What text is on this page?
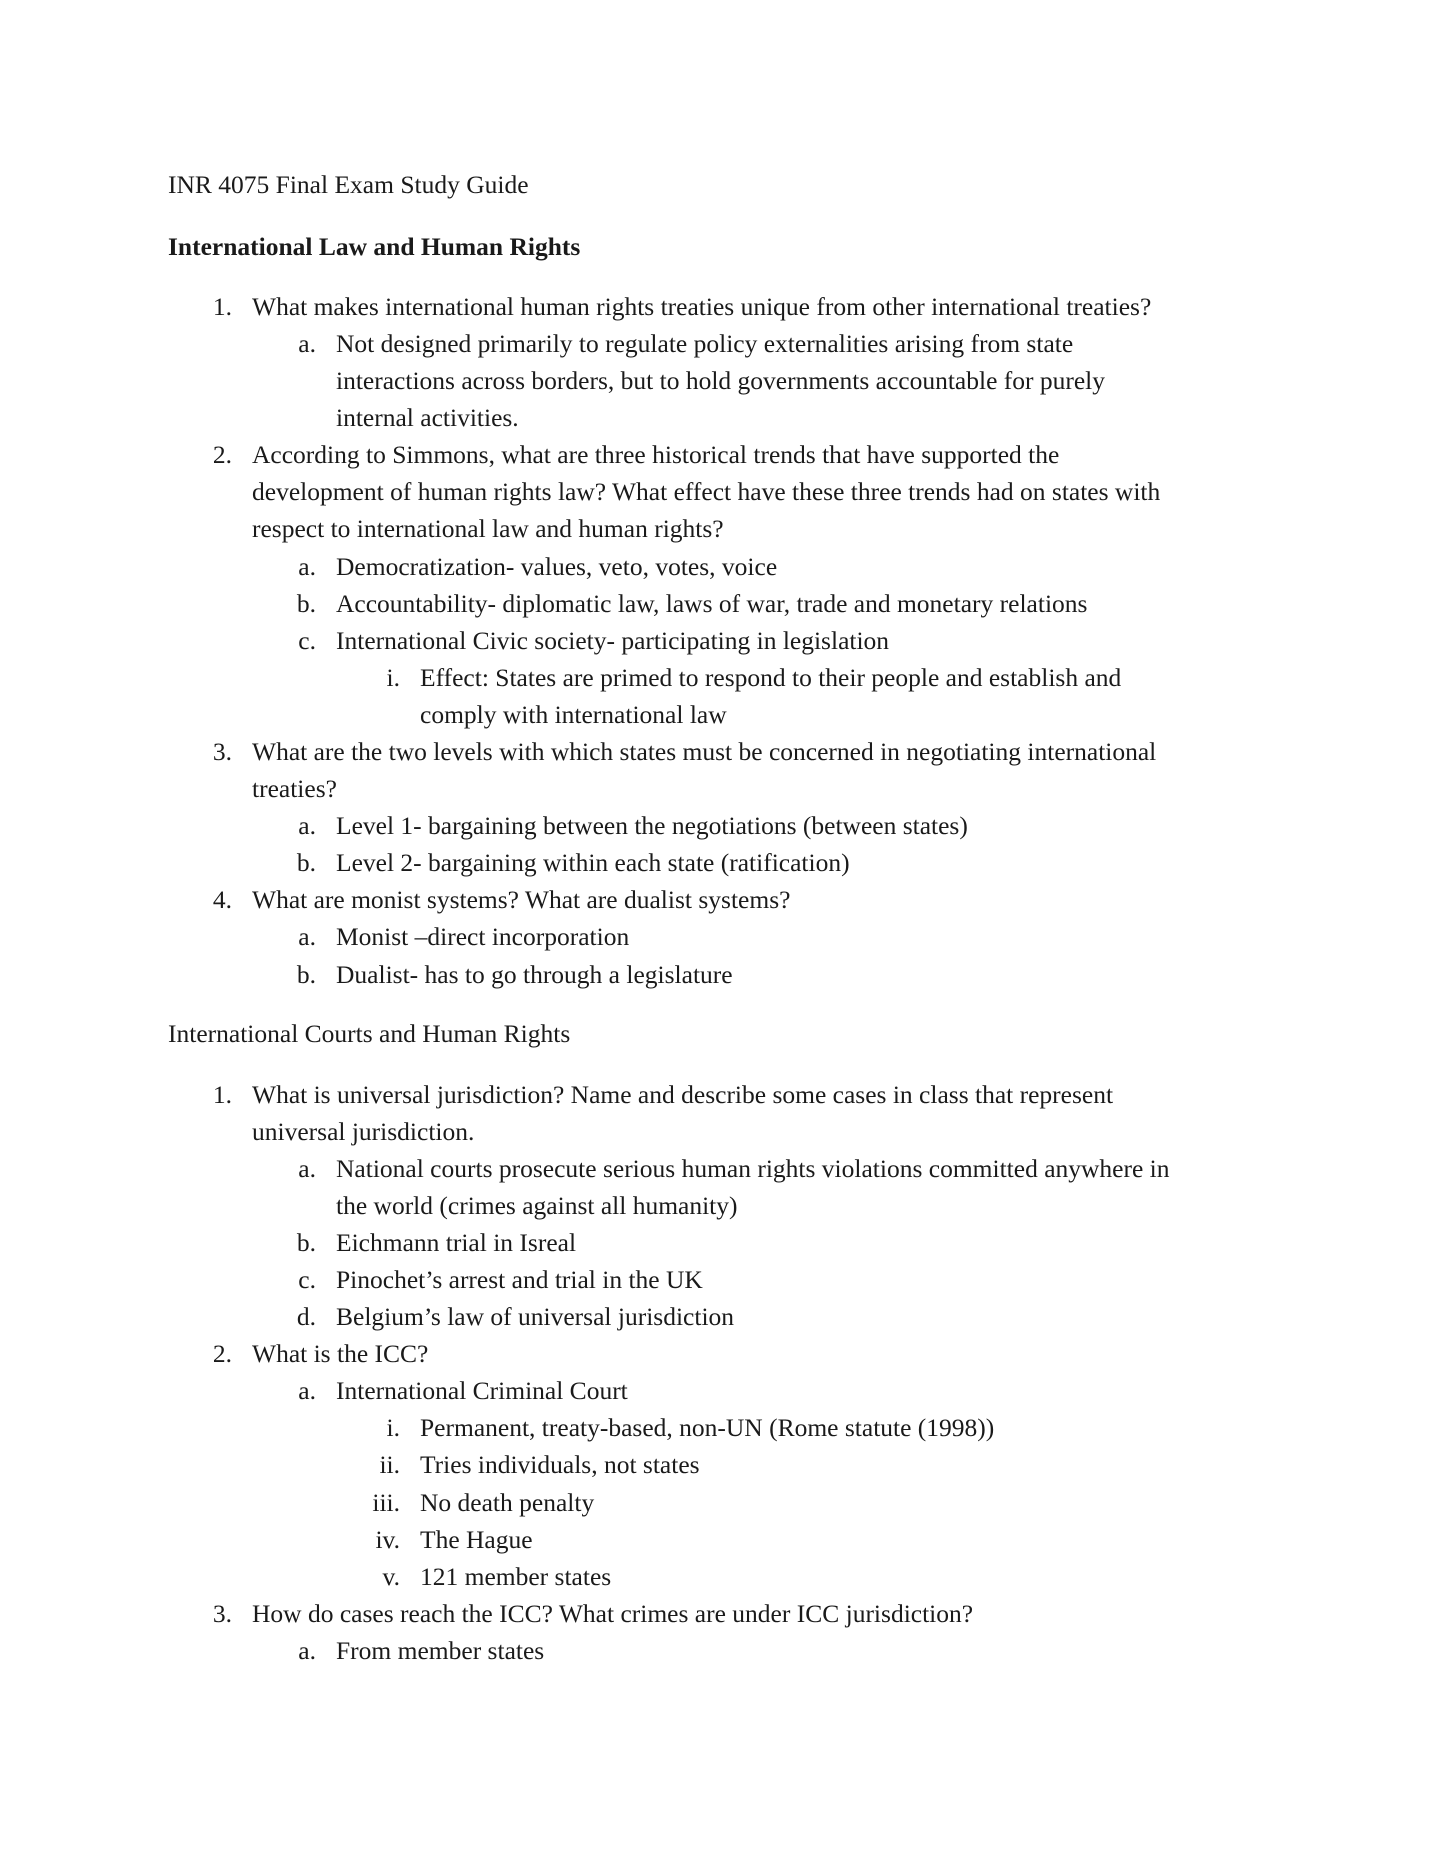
INR 4075 Final Exam Study Guide
International Law and Human Rights
1. What makes international human rights treaties unique from other international treaties?
a. Not designed primarily to regulate policy externalities arising from state
interactions across borders, but to hold governments accountable for purely
internal activities.
2. According to Simmons, what are three historical trends that have supported the
development of human rights law? What effect have these three trends had on states with
respect to international law and human rights?
a. Democratization- values, veto, votes, voice
b. Accountability- diplomatic law, laws of war, trade and monetary relations
c. International Civic society- participating in legislation
i. Effect: States are primed to respond to their people and establish and
comply with international law
3. What are the two levels with which states must be concerned in negotiating international
treaties?
a. Level 1- bargaining between the negotiations (between states)
b. Level 2- bargaining within each state (ratification)
4. What are monist systems? What are dualist systems?
a. Monist –direct incorporation
b. Dualist- has to go through a legislature
International Courts and Human Rights
1. What is universal jurisdiction? Name and describe some cases in class that represent
universal jurisdiction.
a. National courts prosecute serious human rights violations committed anywhere in
the world (crimes against all humanity)
b. Eichmann trial in Isreal
c. Pinochet’s arrest and trial in the UK
d. Belgium’s law of universal jurisdiction
2. What is the ICC?
a. International Criminal Court
i. Permanent, treaty-based, non-UN (Rome statute (1998))
ii. Tries individuals, not states
iii. No death penalty
iv. The Hague
v. 121 member states
3. How do cases reach the ICC? What crimes are under ICC jurisdiction?
a. From member states
